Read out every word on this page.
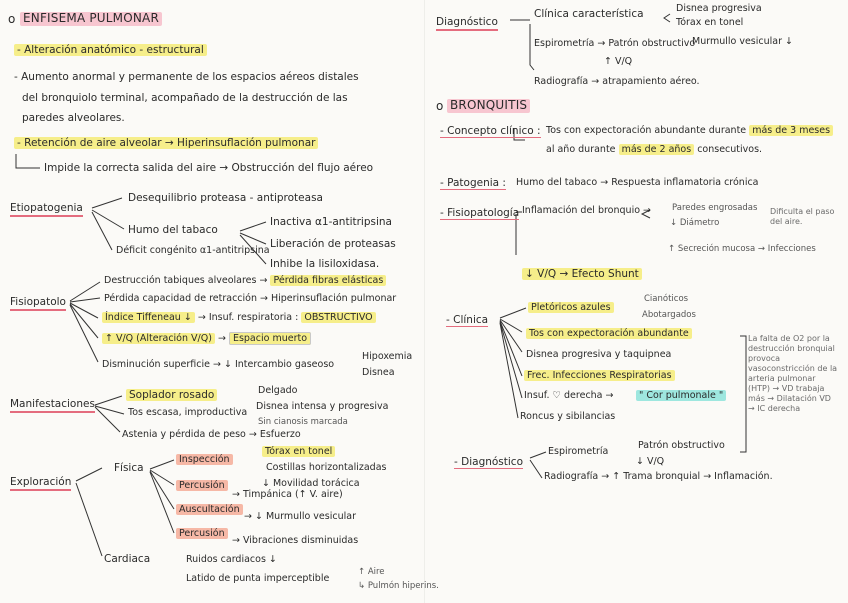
o ENFISEMA PULMONAR
- Alteración anatómico - estructural
- Aumento anormal y permanente de los espacios aéreos distales
del bronquiolo terminal, acompañado de la destrucción de las
paredes alveolares.
- Retención de aire alveolar → Hiperinsuflación pulmonar
Impide la correcta salida del aire → Obstrucción del flujo aéreo
Etiopatogenia
Desequilibrio proteasa - antiproteasa
Humo del tabaco
Déficit congénito α1-antitripsina
Inactiva α1-antitripsina
Liberación de proteasas
Inhibe la lisiloxidasa.
Fisiopatolo
Destrucción tabiques alveolares → Pérdida fibras elásticas
Pérdida capacidad de retracción → Hiperinsuflación pulmonar
Índice Tiffeneau ↓ → Insuf. respiratoria : OBSTRUCTIVO
↑ V/Q (Alteración V/Q) → Espacio muerto
Disminución superficie → ↓ Intercambio gaseoso
Hipoxemia
Disnea
Manifestaciones
Soplador rosado	Delgado
Disnea intensa y progresiva
Sin cianosis marcada
Tos escasa, improductiva
Astenia y pérdida de peso → Esfuerzo
Exploración
Física
Inspección
Tórax en tonel
Costillas horizontalizadas
↓ Movilidad torácica
Percusión
→ Timpánica (↑ V. aire)
Auscultación
→ ↓ Murmullo vesicular
Percusión
→ Vibraciones disminuidas
Cardiaca	Ruidos cardiacos ↓
Latido de punta imperceptible
↑ Aire
↳ Pulmón hiperins.
Diagnóstico
Clínica característica	Disnea progresiva
Tórax en tonel
Murmullo vesicular ↓
Espirometría → Patrón obstructivo
↑ V/Q
Radiografía → atrapamiento aéreo.
o BRONQUITIS
- Concepto clínico : Tos con expectoración abundante durante más de 3 meses
al año durante más de 2 años consecutivos.
- Patogenia : Humo del tabaco → Respuesta inflamatoria crónica
- Fisiopatología Inflamación del bronquio → Paredes engrosadas
↓ Diámetro
Dificulta el paso del aire.
↑ Secreción mucosa → Infecciones
↓ V/Q → Efecto Shunt
- Clínica
Pletóricos azules
Cianóticos
Abotargados
Tos con expectoración abundante
Disnea progresiva y taquipnea
Frec. Infecciones Respiratorias
Insuf. ♡ derecha →	" Cor pulmonale "
Roncus y sibilancias
La falta de O2 por la destrucción bronquial provoca vasoconstricción de la arteria pulmonar (HTP) → VD trabaja más → Dilatación VD → IC derecha
- Diagnóstico
Espirometría
Patrón obstructivo
↓ V/Q
Radiografía → ↑ Trama bronquial → Inflamación.
